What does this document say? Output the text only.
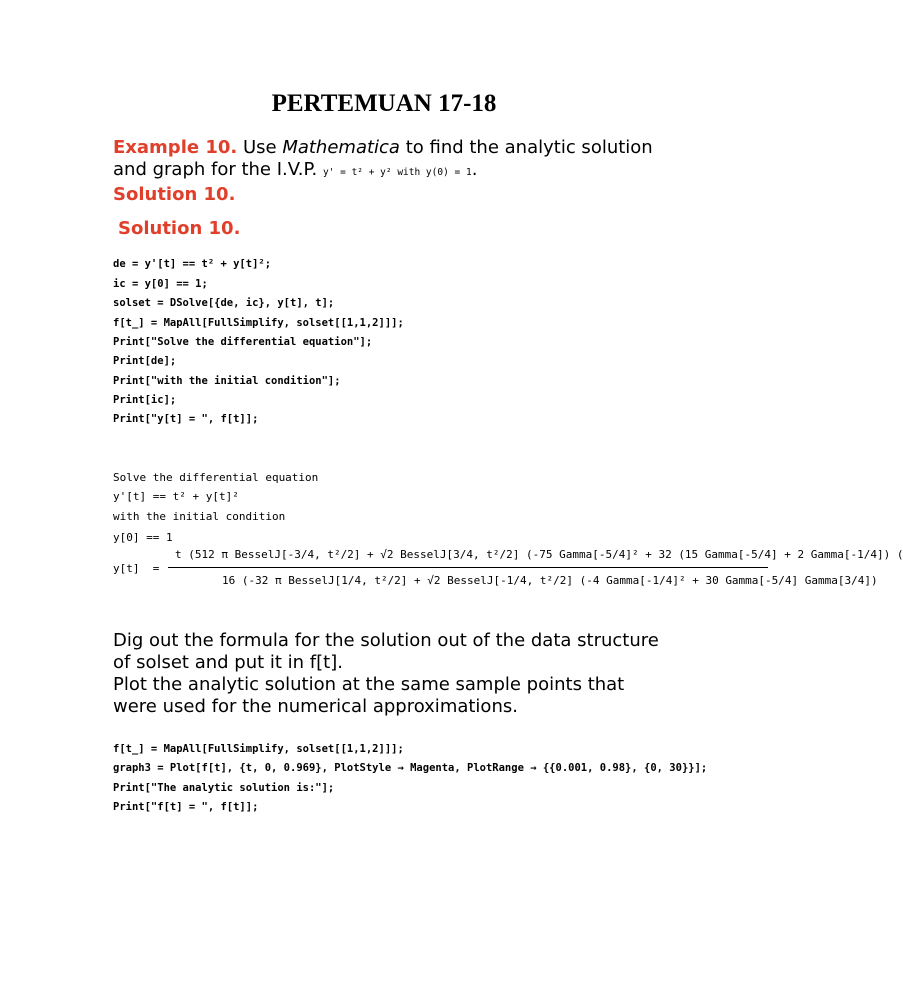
PERTEMUAN 17-18
Example 10. Use Mathematica to find the analytic solution
and graph for the I.V.P. y' = t² + y² with y(0) = 1.
Solution 10.
Solution 10.
de = y'[t] == t² + y[t]²;
ic = y[0] == 1;
solset = DSolve[{de, ic}, y[t], t];
f[t_] = MapAll[FullSimplify, solset[[1,1,2]]];
Print["Solve the differential equation"];
Print[de];
Print["with the initial condition"];
Print[ic];
Print["y[t] = ", f[t]];
Solve the differential equation
y'[t] == t² + y[t]²
with the initial condition
y[0] == 1
y[t]  =
t (512 π BesselJ[-3/4, t²/2] + √2 BesselJ[3/4, t²/2] (-75 Gamma[-5/4]² + 32 (15 Gamma[-5/4] + 2 Gamma[-1/4]) (
16 (-32 π BesselJ[1/4, t²/2] + √2 BesselJ[-1/4, t²/2] (-4 Gamma[-1/4]² + 30 Gamma[-5/4] Gamma[3/4])
Dig out the formula for the solution out of the data structure
of solset and put it in f[t].
Plot the analytic solution at the same sample points that
were used for the numerical approximations.
f[t_] = MapAll[FullSimplify, solset[[1,1,2]]];
graph3 = Plot[f[t], {t, 0, 0.969}, PlotStyle → Magenta, PlotRange → {{0.001, 0.98}, {0, 30}}];
Print["The analytic solution is:"];
Print["f[t] = ", f[t]];
